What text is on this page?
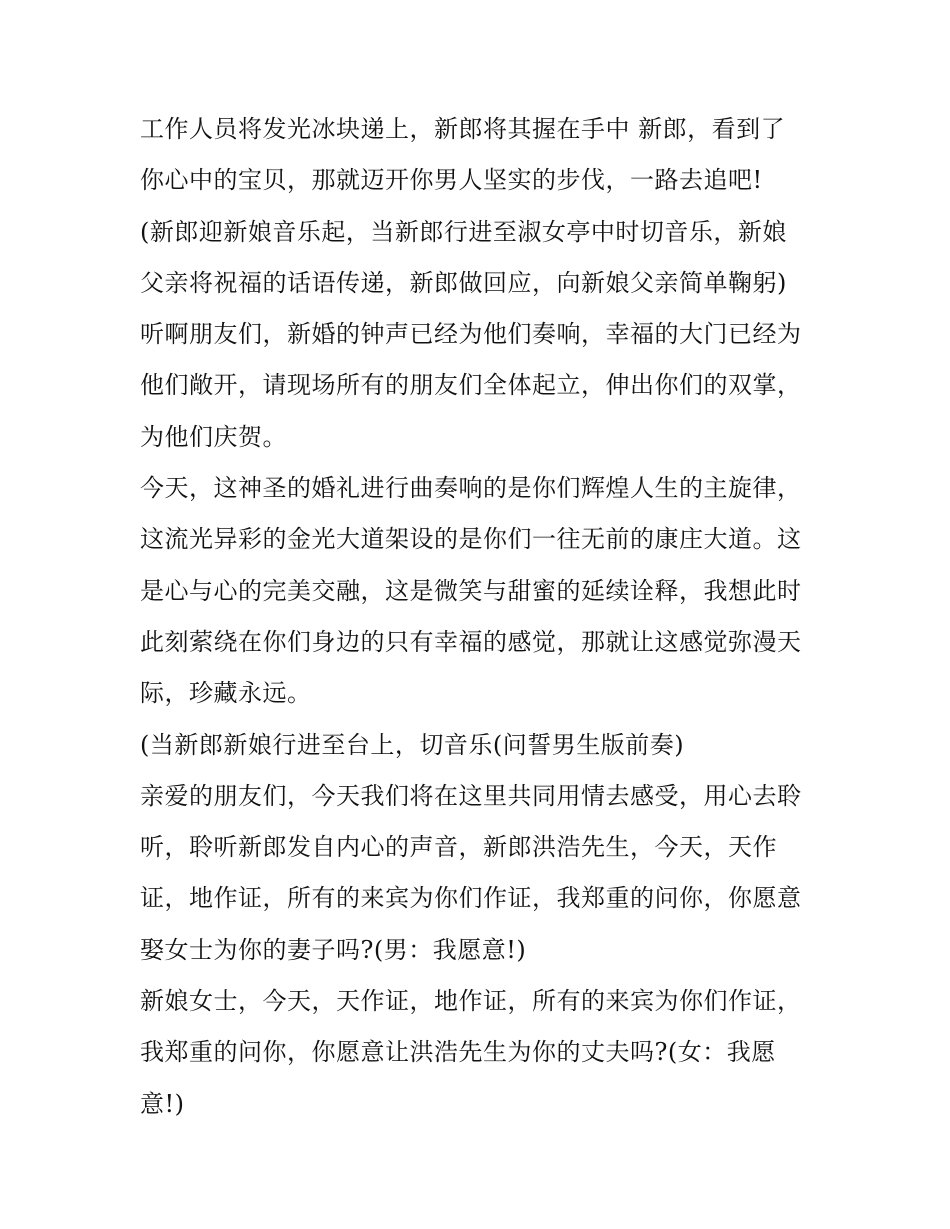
工作人员将发光冰块递上，新郎将其握在手中 新郎，看到了
你心中的宝贝，那就迈开你男人坚实的步伐，一路去追吧!
(新郎迎新娘音乐起，当新郎行进至淑女亭中时切音乐，新娘
父亲将祝福的话语传递，新郎做回应，向新娘父亲简单鞠躬)
听啊朋友们，新婚的钟声已经为他们奏响，幸福的大门已经为
他们敞开，请现场所有的朋友们全体起立，伸出你们的双掌，
为他们庆贺。
今天，这神圣的婚礼进行曲奏响的是你们辉煌人生的主旋律，
这流光异彩的金光大道架设的是你们一往无前的康庄大道。这
是心与心的完美交融，这是微笑与甜蜜的延续诠释，我想此时
此刻萦绕在你们身边的只有幸福的感觉，那就让这感觉弥漫天
际，珍藏永远。
(当新郎新娘行进至台上，切音乐(问誓男生版前奏)
亲爱的朋友们，今天我们将在这里共同用情去感受，用心去聆
听，聆听新郎发自内心的声音，新郎洪浩先生，今天，天作
证，地作证，所有的来宾为你们作证，我郑重的问你，你愿意
娶女士为你的妻子吗?(男：我愿意!)
新娘女士，今天，天作证，地作证，所有的来宾为你们作证，
我郑重的问你，你愿意让洪浩先生为你的丈夫吗?(女：我愿
意!)
